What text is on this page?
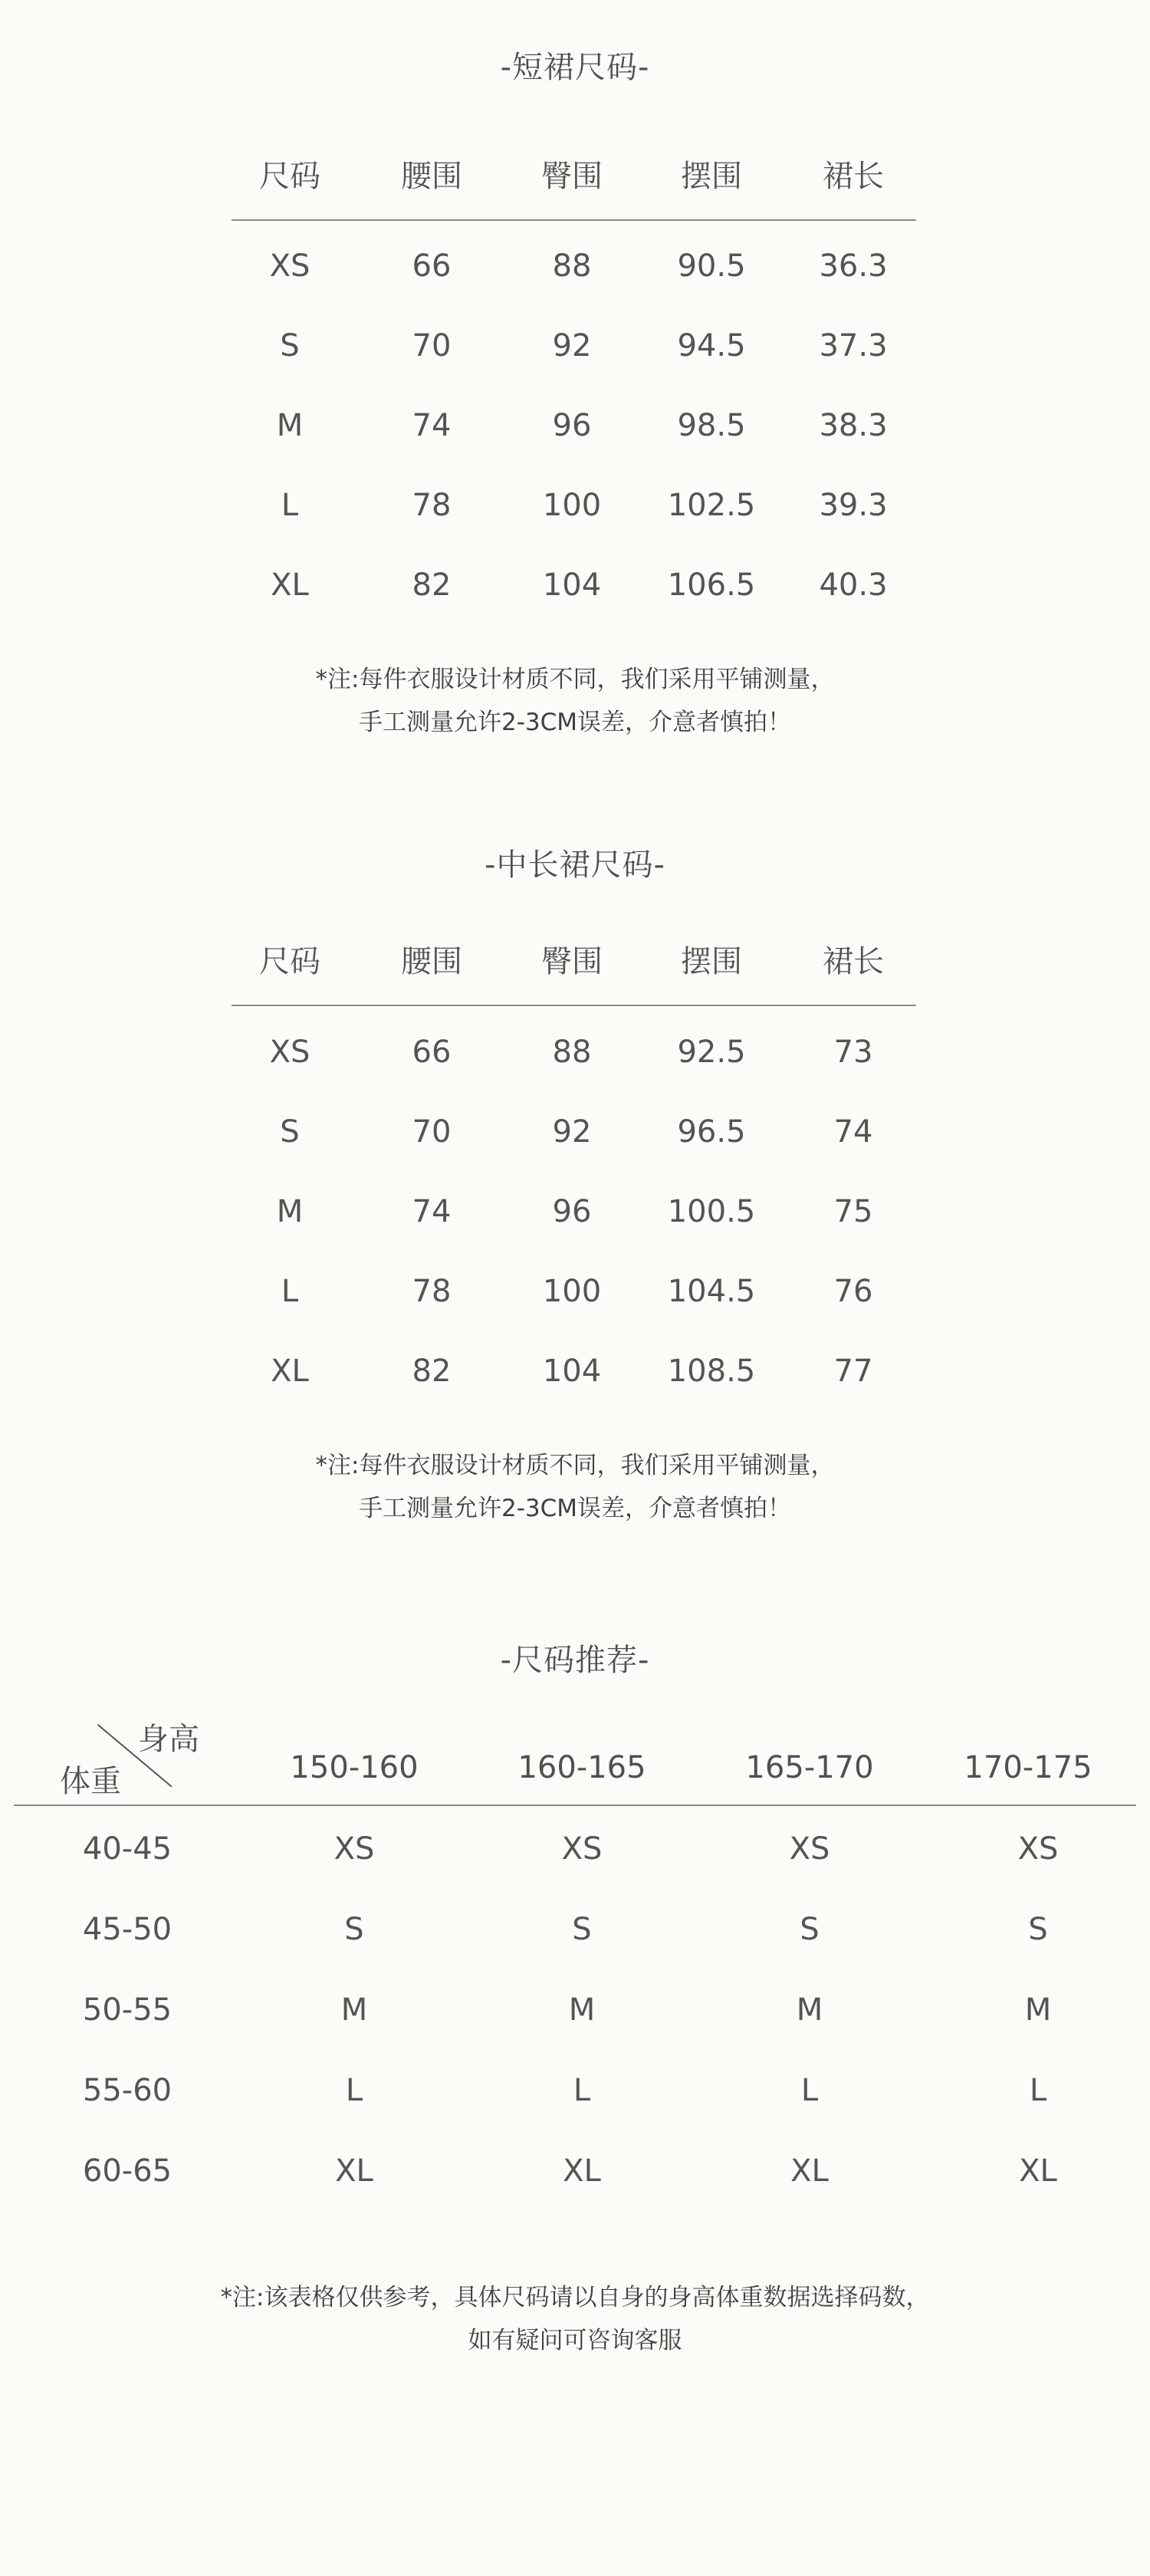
-短裙尺码-
尺码	腰围	臀围	摆围	裙长
XS	66	88	90.5	36.3
S	70	92	94.5	37.3
M	74	96	98.5	38.3
L	78	100	102.5	39.3
XL	82	104	106.5	40.3
*注:每件衣服设计材质不同，我们采用平铺测量，
手工测量允许2-3CM误差，介意者慎拍！
-中长裙尺码-
尺码	腰围	臀围	摆围	裙长
XS	66	88	92.5	73
S	70	92	96.5	74
M	74	96	100.5	75
L	78	100	104.5	76
XL	82	104	108.5	77
*注:每件衣服设计材质不同，我们采用平铺测量，
手工测量允许2-3CM误差，介意者慎拍！
-尺码推荐-
身高
体重	150-160	160-165	165-170	170-175
40-45	XS	XS	XS	XS
45-50	S	S	S	S
50-55	M	M	M	M
55-60	L	L	L	L
60-65	XL	XL	XL	XL
*注:该表格仅供参考，具体尺码请以自身的身高体重数据选择码数，
如有疑问可咨询客服
